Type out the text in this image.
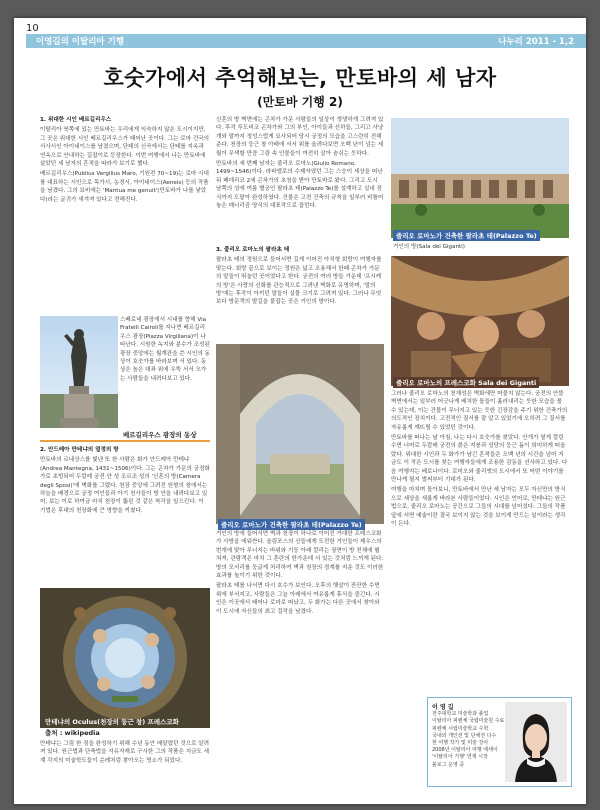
10
이영길의 이탈리아 기행	나누리 2011 - 1,2
호숫가에서 추억해보는, 만토바의 세 남자
(만토바 기행 2)

1. 위대한 시인 베르길리우스

이탈리아 북쪽에 있는 만토바는 우리에게 익숙하지 않은 도시이지만, 그 곳은 위대한 시인 베르길리우스가 태어난 곳이다. 그는 로마 건국의 서사시인 아이네이스를 남겼으며, 단테의 신곡에서는 단테를 지옥과 연옥으로 안내하는 길잡이로 등장한다. 이번 여행에서 나는 만토바에 살았던 세 남자의 흔적을 따라가 보기로 했다.

베르길리우스(Publius Vergilius Maro, 기원전 70~19)는 로마 시대를 대표하는 시인으로 목가시, 농경시, 아이네이스(Aeneis) 등의 작품을 남겼다. 그의 묘비에는 'Mantua me genuit'(만토바가 나를 낳았다)라는 글귀가 새겨져 있다고 전해진다.

스페로네 광장에서 시내를 향해 Via Fratelli Cairoli를 지나면 베르길리우스 광장(Piazza Virgiliana)이 나타난다. 시원한 녹지와 분수가 조성된 광장 중앙에는 월계관을 쓴 시인의 동상이 호숫가를 바라보며 서 있다. 동상은 높은 대좌 위에 우뚝 서서 오가는 사람들을 내려다보고 있다.

베르길리우스 광장의 동상

2. 안드레아 만테냐의 열정의 방

만토바의 르네상스를 빛낸 또 한 사람은 화가 안드레아 만테냐(Andrea Mantegna, 1431~1506)이다. 그는 곤차가 가문의 궁정화가로 초빙되어 두칼레 궁전 안 성 조르조 성의 '신혼의 방(Camera degli Sposi)'에 벽화를 그렸다. 천장 중앙에 그려진 원형의 창에서는 하늘을 배경으로 궁정 여인들과 아기 천사들이 방 안을 내려다보고 있어, 보는 이로 하여금 마치 천장이 뚫린 것 같은 착각을 일으킨다. 이 기법은 후대의 천장화에 큰 영향을 끼쳤다.

만테냐의 Oculus(천장의 둥근 창) 프레스코화
출처 : wikipedia

만테냐는 그림 한 점을 완성하기 위해 수년 동안 매달렸던 것으로 알려져 있다. 원근법과 단축법을 자유자재로 구사한 그의 작품은 지금도 세계 각지의 미술학도들이 순례처럼 찾아오는 명소가 되었다.

신혼의 방 벽면에는 곤차가 가문 사람들의 일상이 생생하게 그려져 있다. 후작 루도비코 곤차가와 그의 부인, 아이들과 신하들, 그리고 사냥개와 말까지 정성스럽게 묘사되어 당시 궁정의 모습을 고스란히 전해준다. 천장의 둥근 창 아래에 서서 위를 올려다보면 오백 년이 넘는 세월이 무색할 만큼 그림 속 인물들이 여전히 살아 숨쉬는 듯하다.

만토바의 세 번째 남자는 줄리오 로마노(Giulio Romano, 1499~1546)이다. 라파엘로의 수제자였던 그는 스승이 세상을 떠난 뒤 페데리코 2세 곤차가의 초청을 받아 만토바로 왔다. 그리고 도시 남쪽의 섬에 여름 별궁인 팔라초 테(Palazzo Te)를 설계하고 실내 장식까지 도맡아 완성하였다. 건물은 고전 건축의 규칙을 일부러 비틀어 놓은 매너리즘 양식의 대표작으로 꼽힌다.

3. 줄리오 로마노의 팔라초 테

팔라초 테의 정원으로 들어서면 길게 이어진 아치형 회랑이 여행자를 맞는다. 회랑 끝으로 보이는 정원은 넓고 조용해서 한때 곤차가 가문의 말들이 뛰놀던 곳이었다고 한다. 궁전의 여러 방들 가운데 '프시케의 방'은 사랑의 신화를 관능적으로 그려낸 벽화로 유명하며, '말의 방'에는 후작이 아끼던 말들이 실물 크기로 그려져 있다. 그러나 무엇보다 방문객의 발길을 붙잡는 곳은 거인의 방이다.

줄리오 로마노가 건축한 팔라초 테(Palazzo Te)

거인의 방에 들어서면 벽과 천장이 하나로 이어진 거대한 프레스코화가 사방을 에워싼다. 올림포스의 신들에게 도전한 거인들이 제우스의 번개에 맞아 무너지는 바위와 기둥 아래 깔리는 장면이 방 전체에 펼쳐져, 관람객은 마치 그 혼란의 한가운데 서 있는 것처럼 느끼게 된다. 방의 모서리를 둥글게 처리하여 벽과 천장의 경계를 지운 것도 이러한 효과를 높이기 위한 것이다.

팔라초 테를 나서면 다시 호수가 보인다. 오후의 햇살이 잔잔한 수면 위에 부서지고, 사람들은 그늘 아래에서 여유롭게 휴식을 즐긴다. 시인은 이곳에서 태어나 로마로 떠났고, 두 화가는 다른 곳에서 찾아와 이 도시에 자신들의 최고 걸작을 남겼다.

줄리오 로마노가 건축한 팔라초 테(Palazzo Te)
거인의 방(Sala dei Giganti)
줄리오 로마노의 프레스코화 Sala dei Giganti

그러나 줄리오 로마노의 천재성은 벽화에만 머물지 않는다. 궁전의 안뜰 벽면에서는 일부러 어긋나게 배치한 돌들이 흘러내리는 듯한 모습을 볼 수 있는데, 이는 건물이 무너지고 있는 듯한 긴장감을 주기 위한 건축가의 의도적인 장치이다. 고전적인 질서를 잘 알고 있었기에 오히려 그 질서를 자유롭게 깨뜨릴 수 있었던 것이다.

만토바를 떠나는 날 아침, 나는 다시 호숫가를 찾았다. 안개가 옅게 깔린 수면 너머로 두칼레 궁전의 붉은 지붕과 성당의 둥근 돔이 희미하게 떠올랐다. 위대한 시인과 두 화가가 남긴 흔적들은 오백 년의 시간을 넘어 지금도 이 작은 도시를 찾는 여행자들에게 조용한 감동을 선사하고 있다. 다음 여행지는 베로나이다. 로미오와 줄리엣의 도시에서 또 어떤 이야기를 만나게 될지 벌써부터 기대가 된다.

여행을 마치며 돌아보니, 만토바에서 만난 세 남자는 모두 자신만의 방식으로 세상을 새롭게 바라본 사람들이었다. 시인은 언어로, 만테냐는 원근법으로, 줄리오 로마노는 공간으로 그들의 시대를 넘어섰다. 그들의 작품 앞에 서면 예술이란 결국 보이지 않는 것을 보이게 만드는 일이라는 생각이 든다.

이 영 길
전주대학교 미술학과 졸업
이탈리아 피렌체 국립미술원 수료
피렌체 시립미술학교 수학
국내외 개인전 및 단체전 다수
현 여행 작가 및 미술 강사
2008년 이탈리아 여행 에세이
'이탈리아 기행' 연재 시작
블로그 운영 중
